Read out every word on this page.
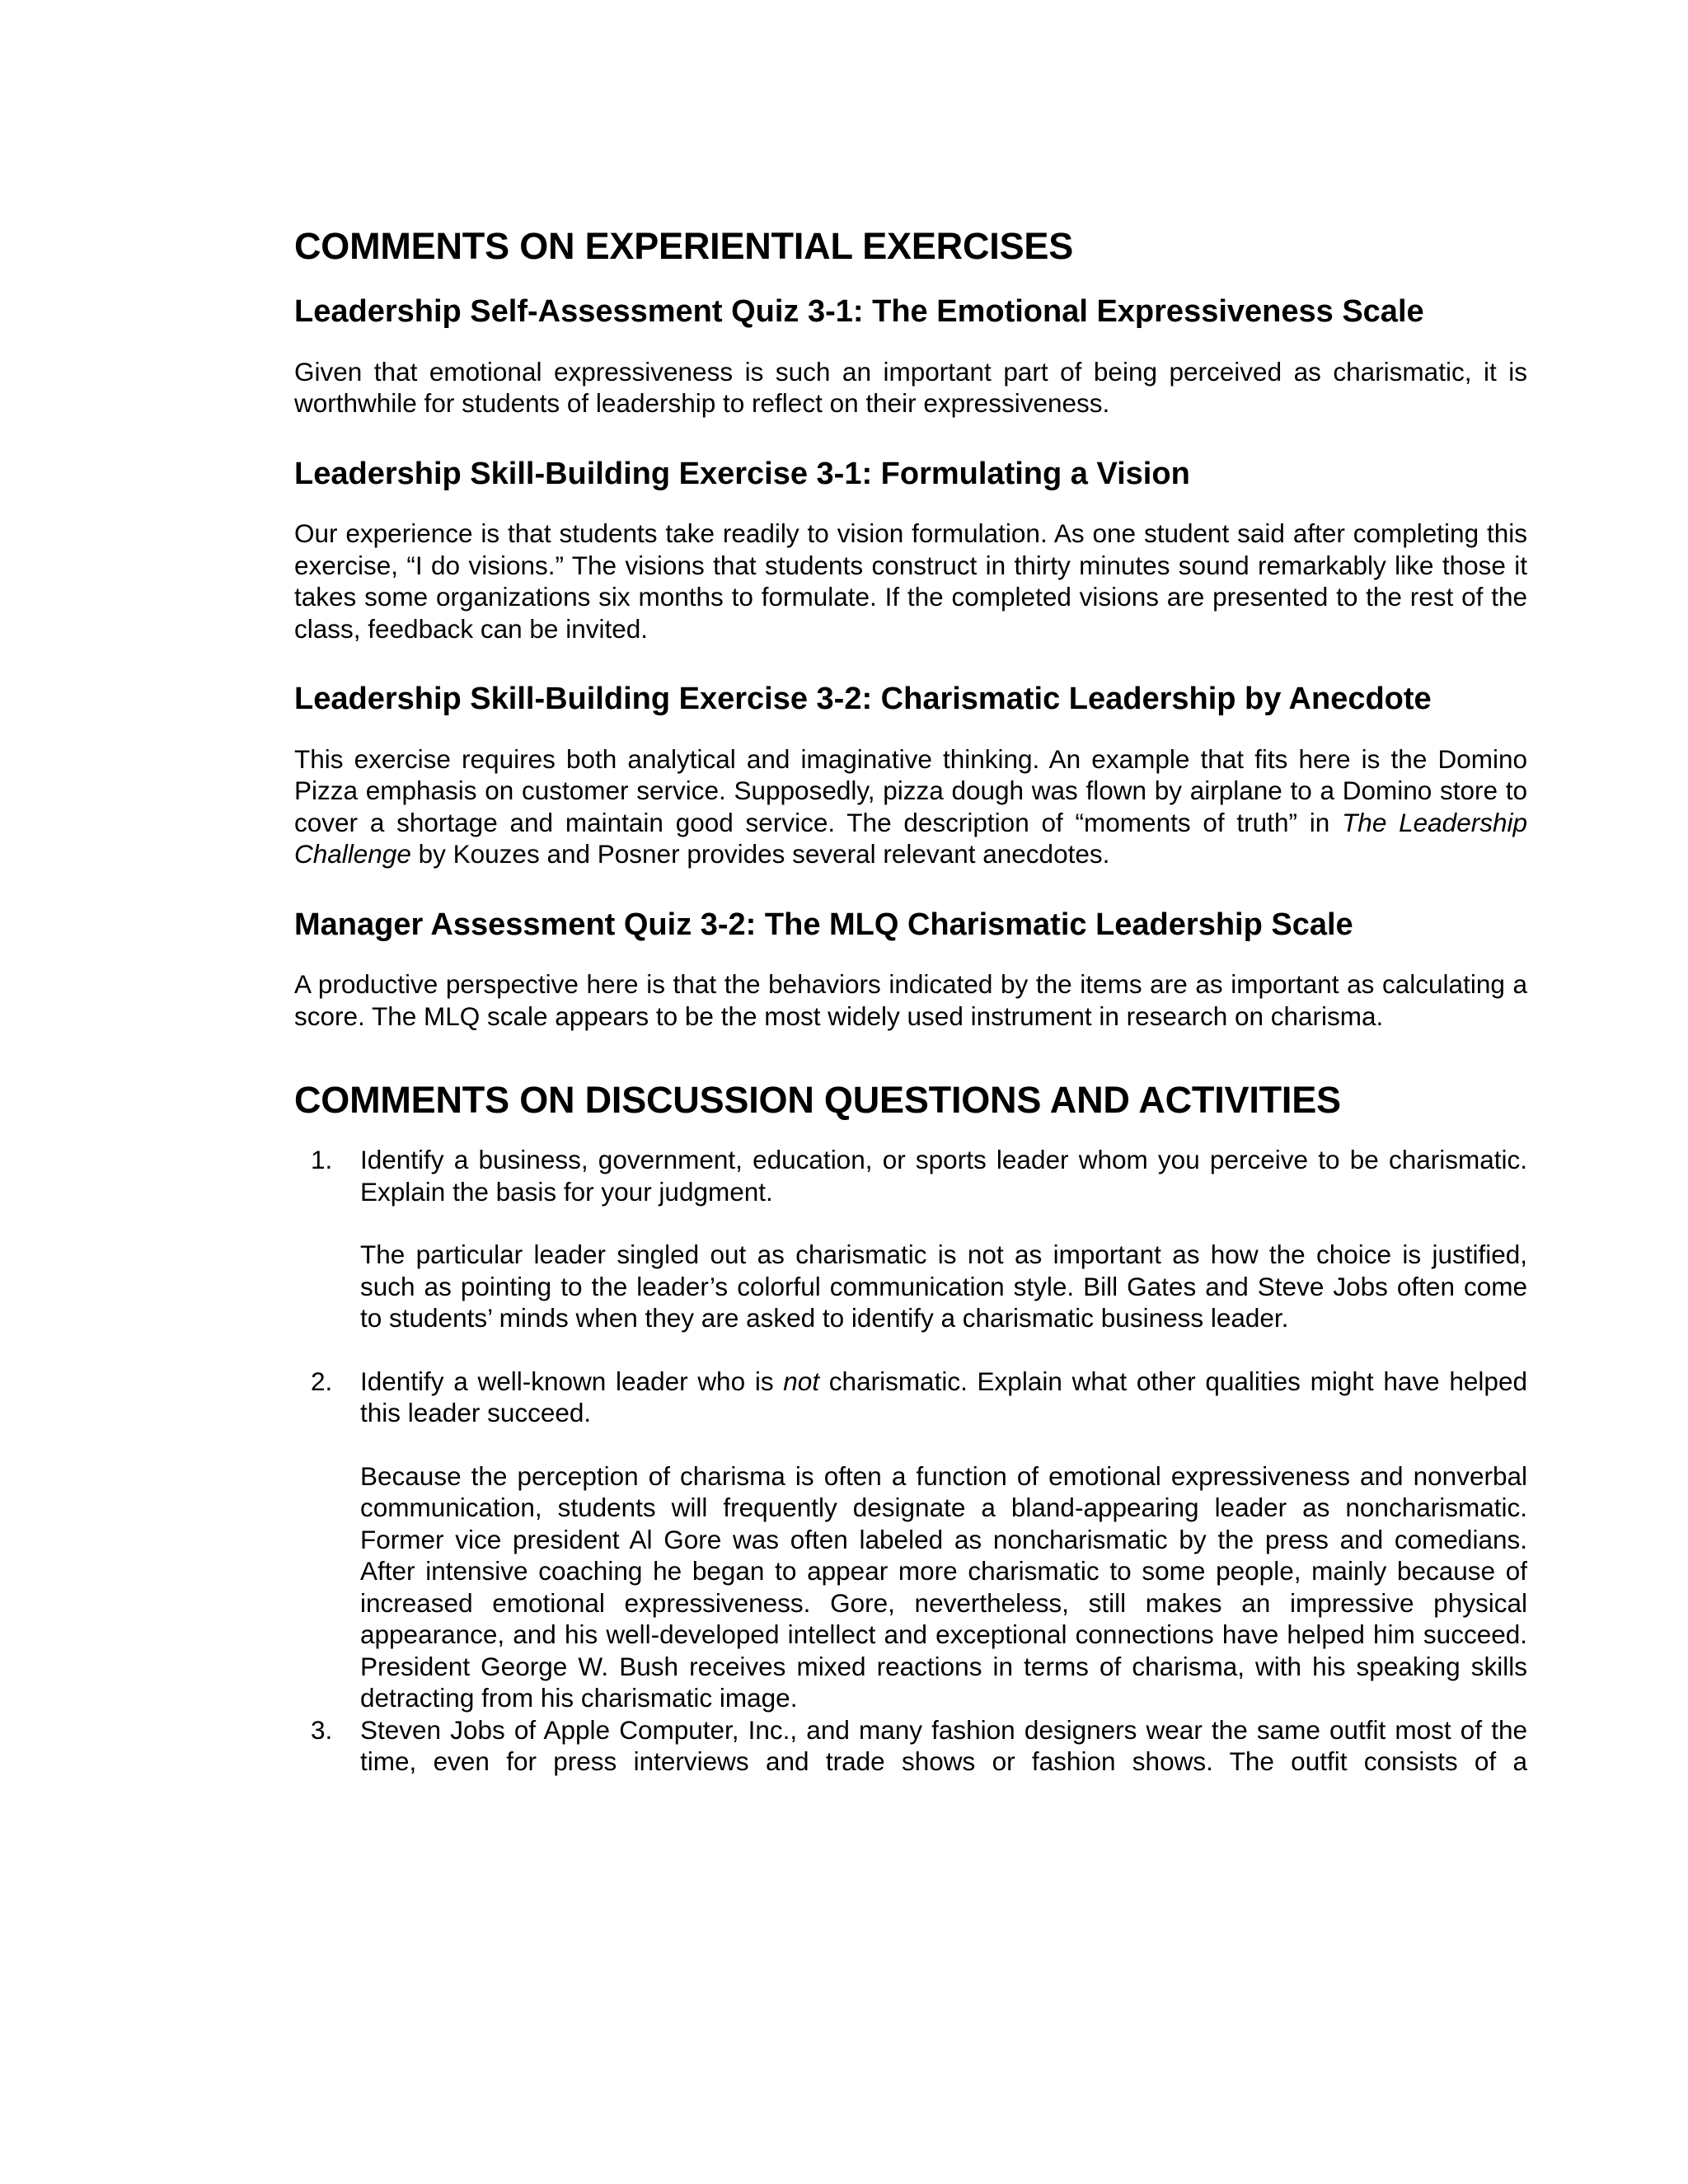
COMMENTS ON EXPERIENTIAL EXERCISES
Leadership Self-Assessment Quiz 3-1: The Emotional Expressiveness Scale

Given that emotional expressiveness is such an important part of being perceived as charismatic, it is worthwhile for students of leadership to reflect on their expressiveness.

Leadership Skill-Building Exercise 3-1: Formulating a Vision

Our experience is that students take readily to vision formulation. As one student said after completing this exercise, “I do visions.” The visions that students construct in thirty minutes sound remarkably like those it takes some organizations six months to formulate. If the completed visions are presented to the rest of the class, feedback can be invited.

Leadership Skill-Building Exercise 3-2: Charismatic Leadership by Anecdote

This exercise requires both analytical and imaginative thinking. An example that fits here is the Domino Pizza emphasis on customer service. Supposedly, pizza dough was flown by airplane to a Domino store to cover a shortage and maintain good service. The description of “moments of truth” in The Leadership Challenge by Kouzes and Posner provides several relevant anecdotes.

Manager Assessment Quiz 3-2: The MLQ Charismatic Leadership Scale

A productive perspective here is that the behaviors indicated by the items are as important as calculating a score. The MLQ scale appears to be the most widely used instrument in research on charisma.

COMMENTS ON DISCUSSION QUESTIONS AND ACTIVITIES
1. Identify a business, government, education, or sports leader whom you perceive to be charismatic. Explain the basis for your judgment.

The particular leader singled out as charismatic is not as important as how the choice is justified, such as pointing to the leader’s colorful communication style. Bill Gates and Steve Jobs often come to students’ minds when they are asked to identify a charismatic business leader.

2. Identify a well-known leader who is not charismatic. Explain what other qualities might have helped this leader succeed.

Because the perception of charisma is often a function of emotional expressiveness and nonverbal communication, students will frequently designate a bland-appearing leader as noncharismatic. Former vice president Al Gore was often labeled as noncharismatic by the press and comedians. After intensive coaching he began to appear more charismatic to some people, mainly because of increased emotional expressiveness. Gore, nevertheless, still makes an impressive physical appearance, and his well-developed intellect and exceptional connections have helped him succeed. President George W. Bush receives mixed reactions in terms of charisma, with his speaking skills detracting from his charismatic image.

3. Steven Jobs of Apple Computer, Inc., and many fashion designers wear the same outfit most of the time, even for press interviews and trade shows or fashion shows. The outfit consists of a
